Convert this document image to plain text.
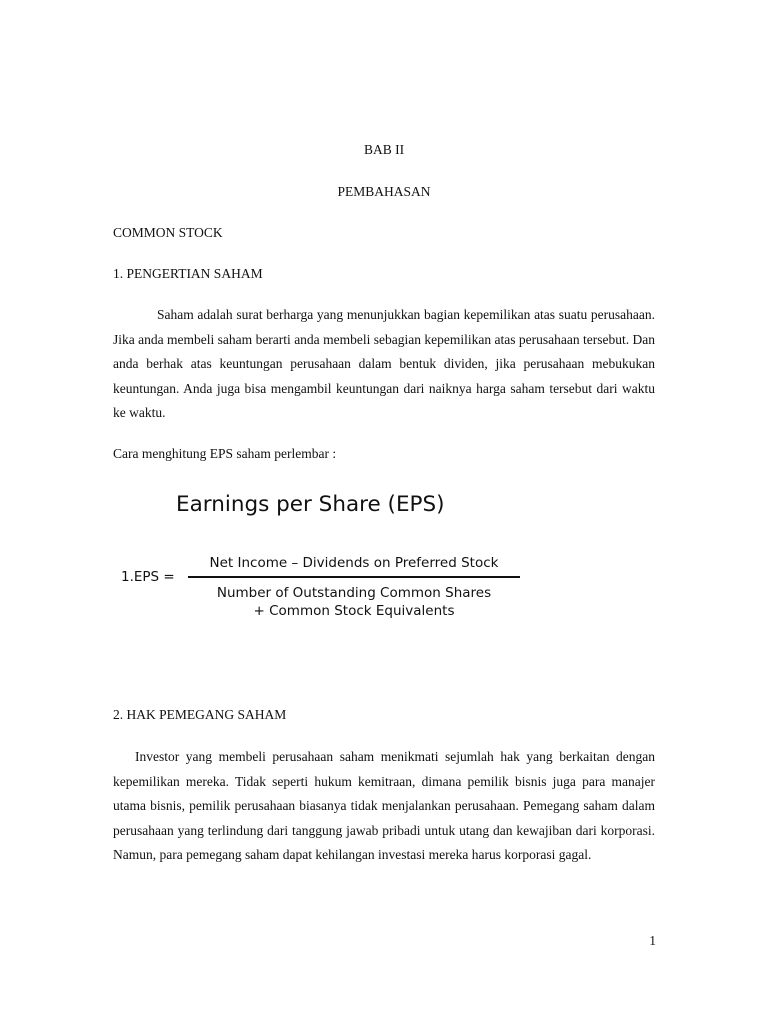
BAB II
PEMBAHASAN
COMMON STOCK
1. PENGERTIAN SAHAM
Saham adalah surat berharga yang menunjukkan bagian kepemilikan atas suatu perusahaan. Jika anda membeli saham berarti anda membeli sebagian kepemilikan atas perusahaan tersebut. Dan anda berhak atas keuntungan perusahaan dalam bentuk dividen, jika perusahaan mebukukan keuntungan. Anda juga bisa mengambil keuntungan dari naiknya harga saham tersebut dari waktu ke waktu.
Cara menghitung EPS saham perlembar :
Earnings per Share (EPS)
1.EPS =
Net Income – Dividends on Preferred Stock
Number of Outstanding Common Shares
+ Common Stock Equivalents
2. HAK PEMEGANG SAHAM
Investor yang membeli perusahaan saham menikmati sejumlah hak yang berkaitan dengan kepemilikan mereka. Tidak seperti hukum kemitraan, dimana pemilik bisnis juga para manajer utama bisnis, pemilik perusahaan biasanya tidak menjalankan perusahaan. Pemegang saham dalam perusahaan yang terlindung dari tanggung jawab pribadi untuk utang dan kewajiban dari korporasi. Namun, para pemegang saham dapat kehilangan investasi mereka harus korporasi gagal.
1
